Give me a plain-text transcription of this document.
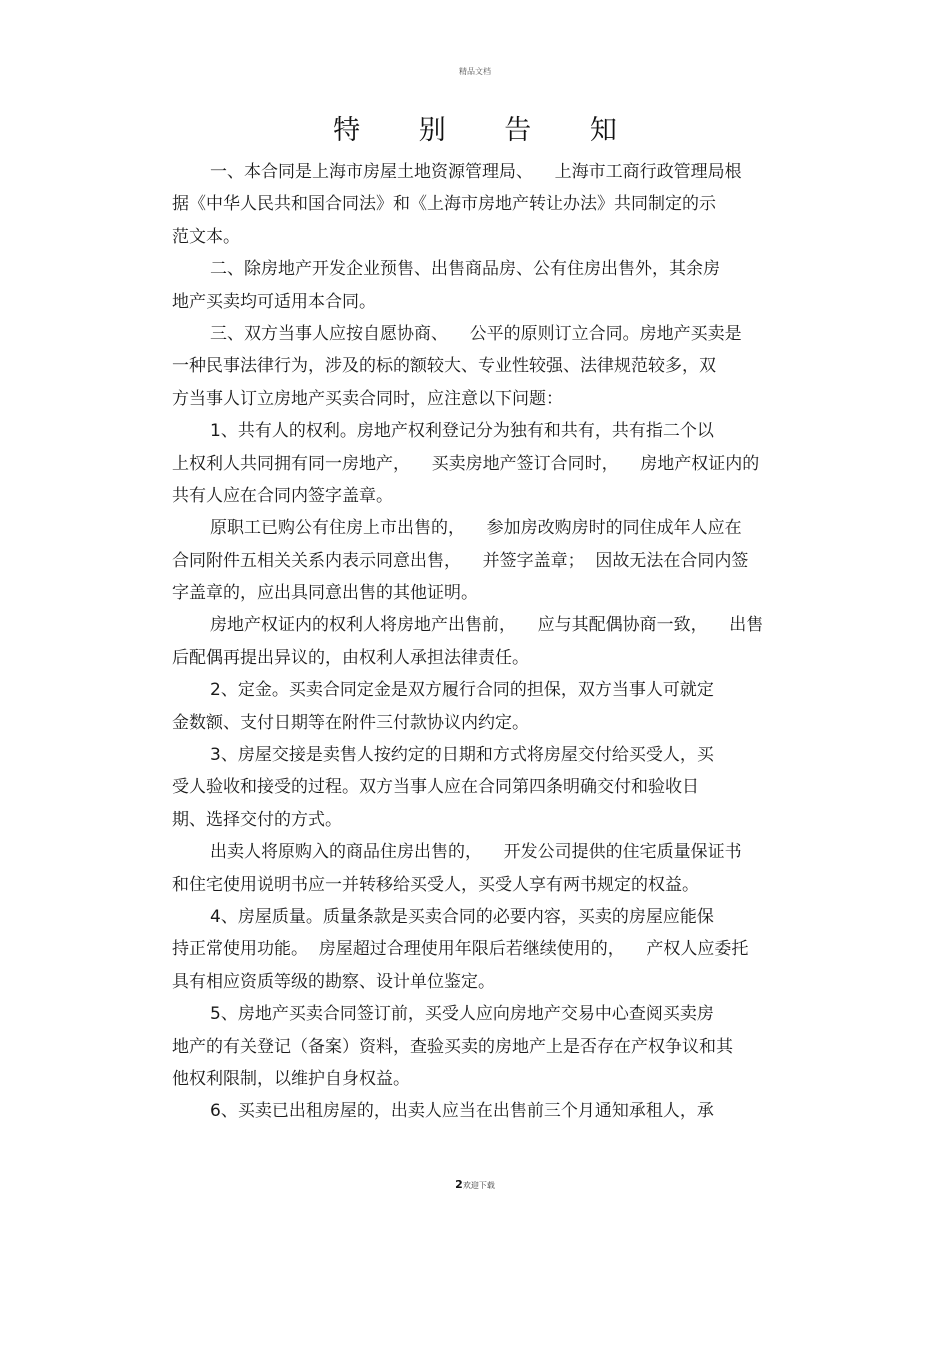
精品文档
特 别 告 知
一、本合同是上海市房屋土地资源管理局、    上海市工商行政管理局根
据《中华人民共和国合同法》和《上海市房地产转让办法》共同制定的示
范文本。
二、除房地产开发企业预售、出售商品房、公有住房出售外，其余房
地产买卖均可适用本合同。
三、双方当事人应按自愿协商、    公平的原则订立合同。房地产买卖是
一种民事法律行为，涉及的标的额较大、专业性较强、法律规范较多，双
方当事人订立房地产买卖合同时，应注意以下问题：
1、共有人的权利。房地产权利登记分为独有和共有，共有指二个以
上权利人共同拥有同一房地产，    买卖房地产签订合同时，    房地产权证内的
共有人应在合同内签字盖章。
原职工已购公有住房上市出售的，    参加房改购房时的同住成年人应在
合同附件五相关关系内表示同意出售，    并签字盖章；  因故无法在合同内签
字盖章的，应出具同意出售的其他证明。
房地产权证内的权利人将房地产出售前，    应与其配偶协商一致，    出售
后配偶再提出异议的，由权利人承担法律责任。
2、定金。买卖合同定金是双方履行合同的担保，双方当事人可就定
金数额、支付日期等在附件三付款协议内约定。
3、房屋交接是卖售人按约定的日期和方式将房屋交付给买受人，买
受人验收和接受的过程。双方当事人应在合同第四条明确交付和验收日
期、选择交付的方式。
出卖人将原购入的商品住房出售的，    开发公司提供的住宅质量保证书
和住宅使用说明书应一并转移给买受人，买受人享有两书规定的权益。
4、房屋质量。质量条款是买卖合同的必要内容，买卖的房屋应能保
持正常使用功能。  房屋超过合理使用年限后若继续使用的，    产权人应委托
具有相应资质等级的勘察、设计单位鉴定。
5、房地产买卖合同签订前，买受人应向房地产交易中心查阅买卖房
地产的有关登记（备案）资料，查验买卖的房地产上是否存在产权争议和其
他权利限制，以维护自身权益。
6、买卖已出租房屋的，出卖人应当在出售前三个月通知承租人，承
2欢迎下载
